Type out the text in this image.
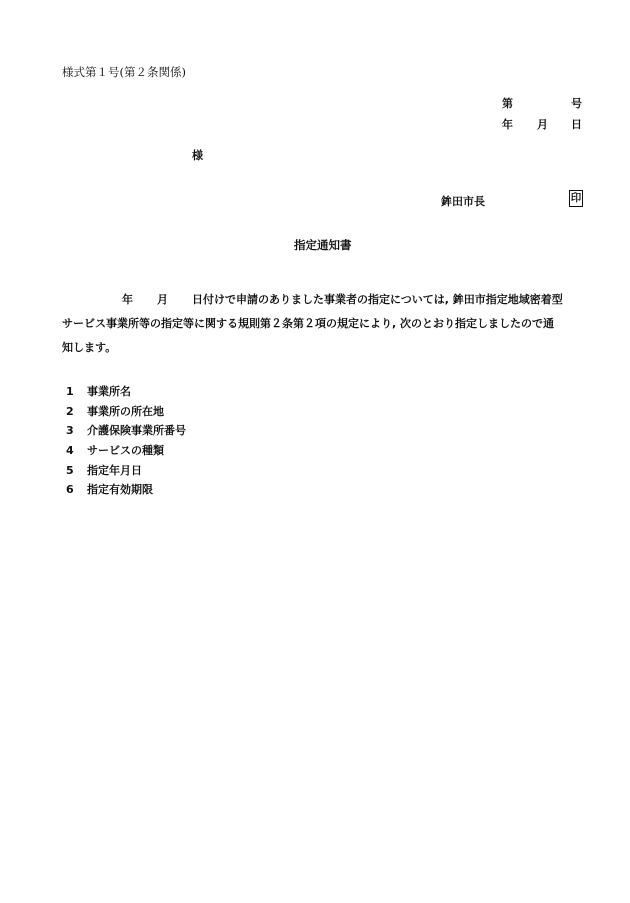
様式第１号(第２条関係)
第	号
年 月 日
様
鉾田市長	印
指定通知書
年 月 日付けで申請のありました事業者の指定については, 鉾田市指定地域密着型
サービス事業所等の指定等に関する規則第２条第２項の規定により, 次のとおり指定しましたので通
知します。
1 事業所名
2 事業所の所在地
3 介護保険事業所番号
4 サービスの種類
5 指定年月日
6 指定有効期限
